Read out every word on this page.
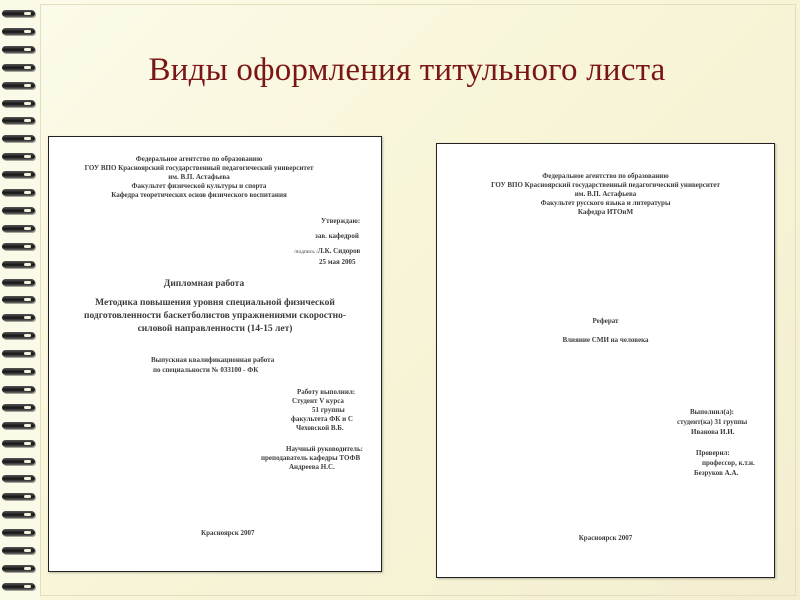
Виды оформления титульного листа
Федеральное агентство по образованию
ГОУ ВПО Красноярский государственный педагогический университет
им. В.П. Астафьева
Факультет физической культуры и спорта
Кафедра теоретических основ физического воспитания
Утверждаю:
зав. кафедрой
/подпись /Л.К. Сидоров
25 мая 2005
Дипломная работа
Методика повышения уровня специальной физической
подготовленности баскетболистов упражнениями скоростно-
силовой направленности (14-15 лет)
Выпускная квалификационная работа
по специальности № 033100 - ФК
Работу выполнил:
Студент V курса
51 группы
факультета ФК и С
Чеховской В.Б.
Научный руководитель:
преподаватель кафедры ТОФВ
Андреева Н.С.
Красноярск 2007
Федеральное агентство по образованию
ГОУ ВПО Красноярский государственный педагогический университет
им. В.П. Астафьева
Факультет русского языка и литературы
Кафедра ИТОиМ
Реферат
Влияние СМИ на человека
Выполнил(а):
студент(ка) 31 группы
Иванова И.И.
Проверил:
профессор, к.т.н.
Безруков А.А.
Красноярск 2007
